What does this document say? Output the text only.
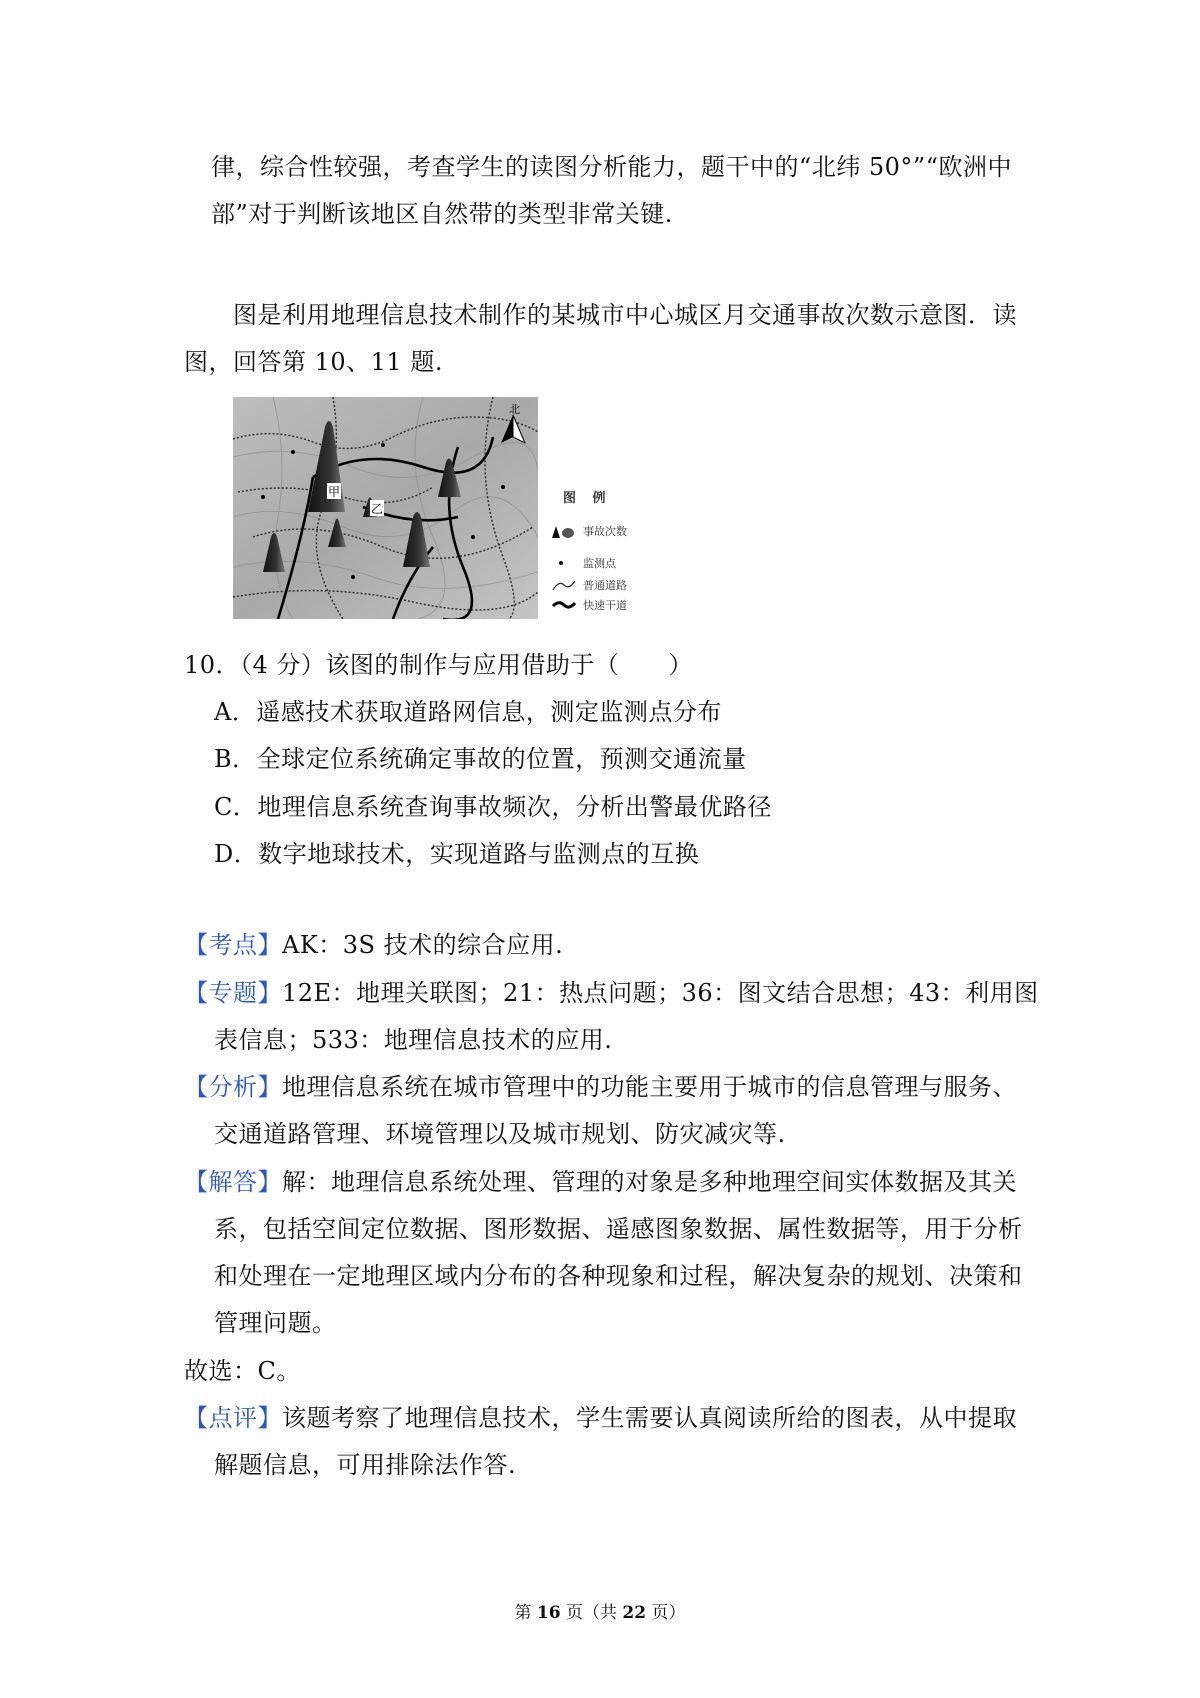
律，综合性较强，考查学生的读图分析能力，题干中的“北纬 50°”“欧洲中
部”对于判断该地区自然带的类型非常关键.
图是利用地理信息技术制作的某城市中心城区月交通事故次数示意图．读
图，回答第 10、11 题.
甲
乙
北
图 例
事故次数
监测点
普通道路
快速干道
10．（4 分）该图的制作与应用借助于（　　）
A．遥感技术获取道路网信息，测定监测点分布
B．全球定位系统确定事故的位置，预测交通流量
C．地理信息系统查询事故频次，分析出警最优路径
D．数字地球技术，实现道路与监测点的互换
【考点】AK：3S 技术的综合应用.
【专题】12E：地理关联图；21：热点问题；36：图文结合思想；43：利用图
表信息；533：地理信息技术的应用.
【分析】地理信息系统在城市管理中的功能主要用于城市的信息管理与服务、
交通道路管理、环境管理以及城市规划、防灾减灾等.
【解答】解：地理信息系统处理、管理的对象是多种地理空间实体数据及其关
系，包括空间定位数据、图形数据、遥感图象数据、属性数据等，用于分析
和处理在一定地理区域内分布的各种现象和过程，解决复杂的规划、决策和
管理问题。
故选：C。
【点评】该题考察了地理信息技术，学生需要认真阅读所给的图表，从中提取
解题信息，可用排除法作答.
第 16 页（共 22 页）
